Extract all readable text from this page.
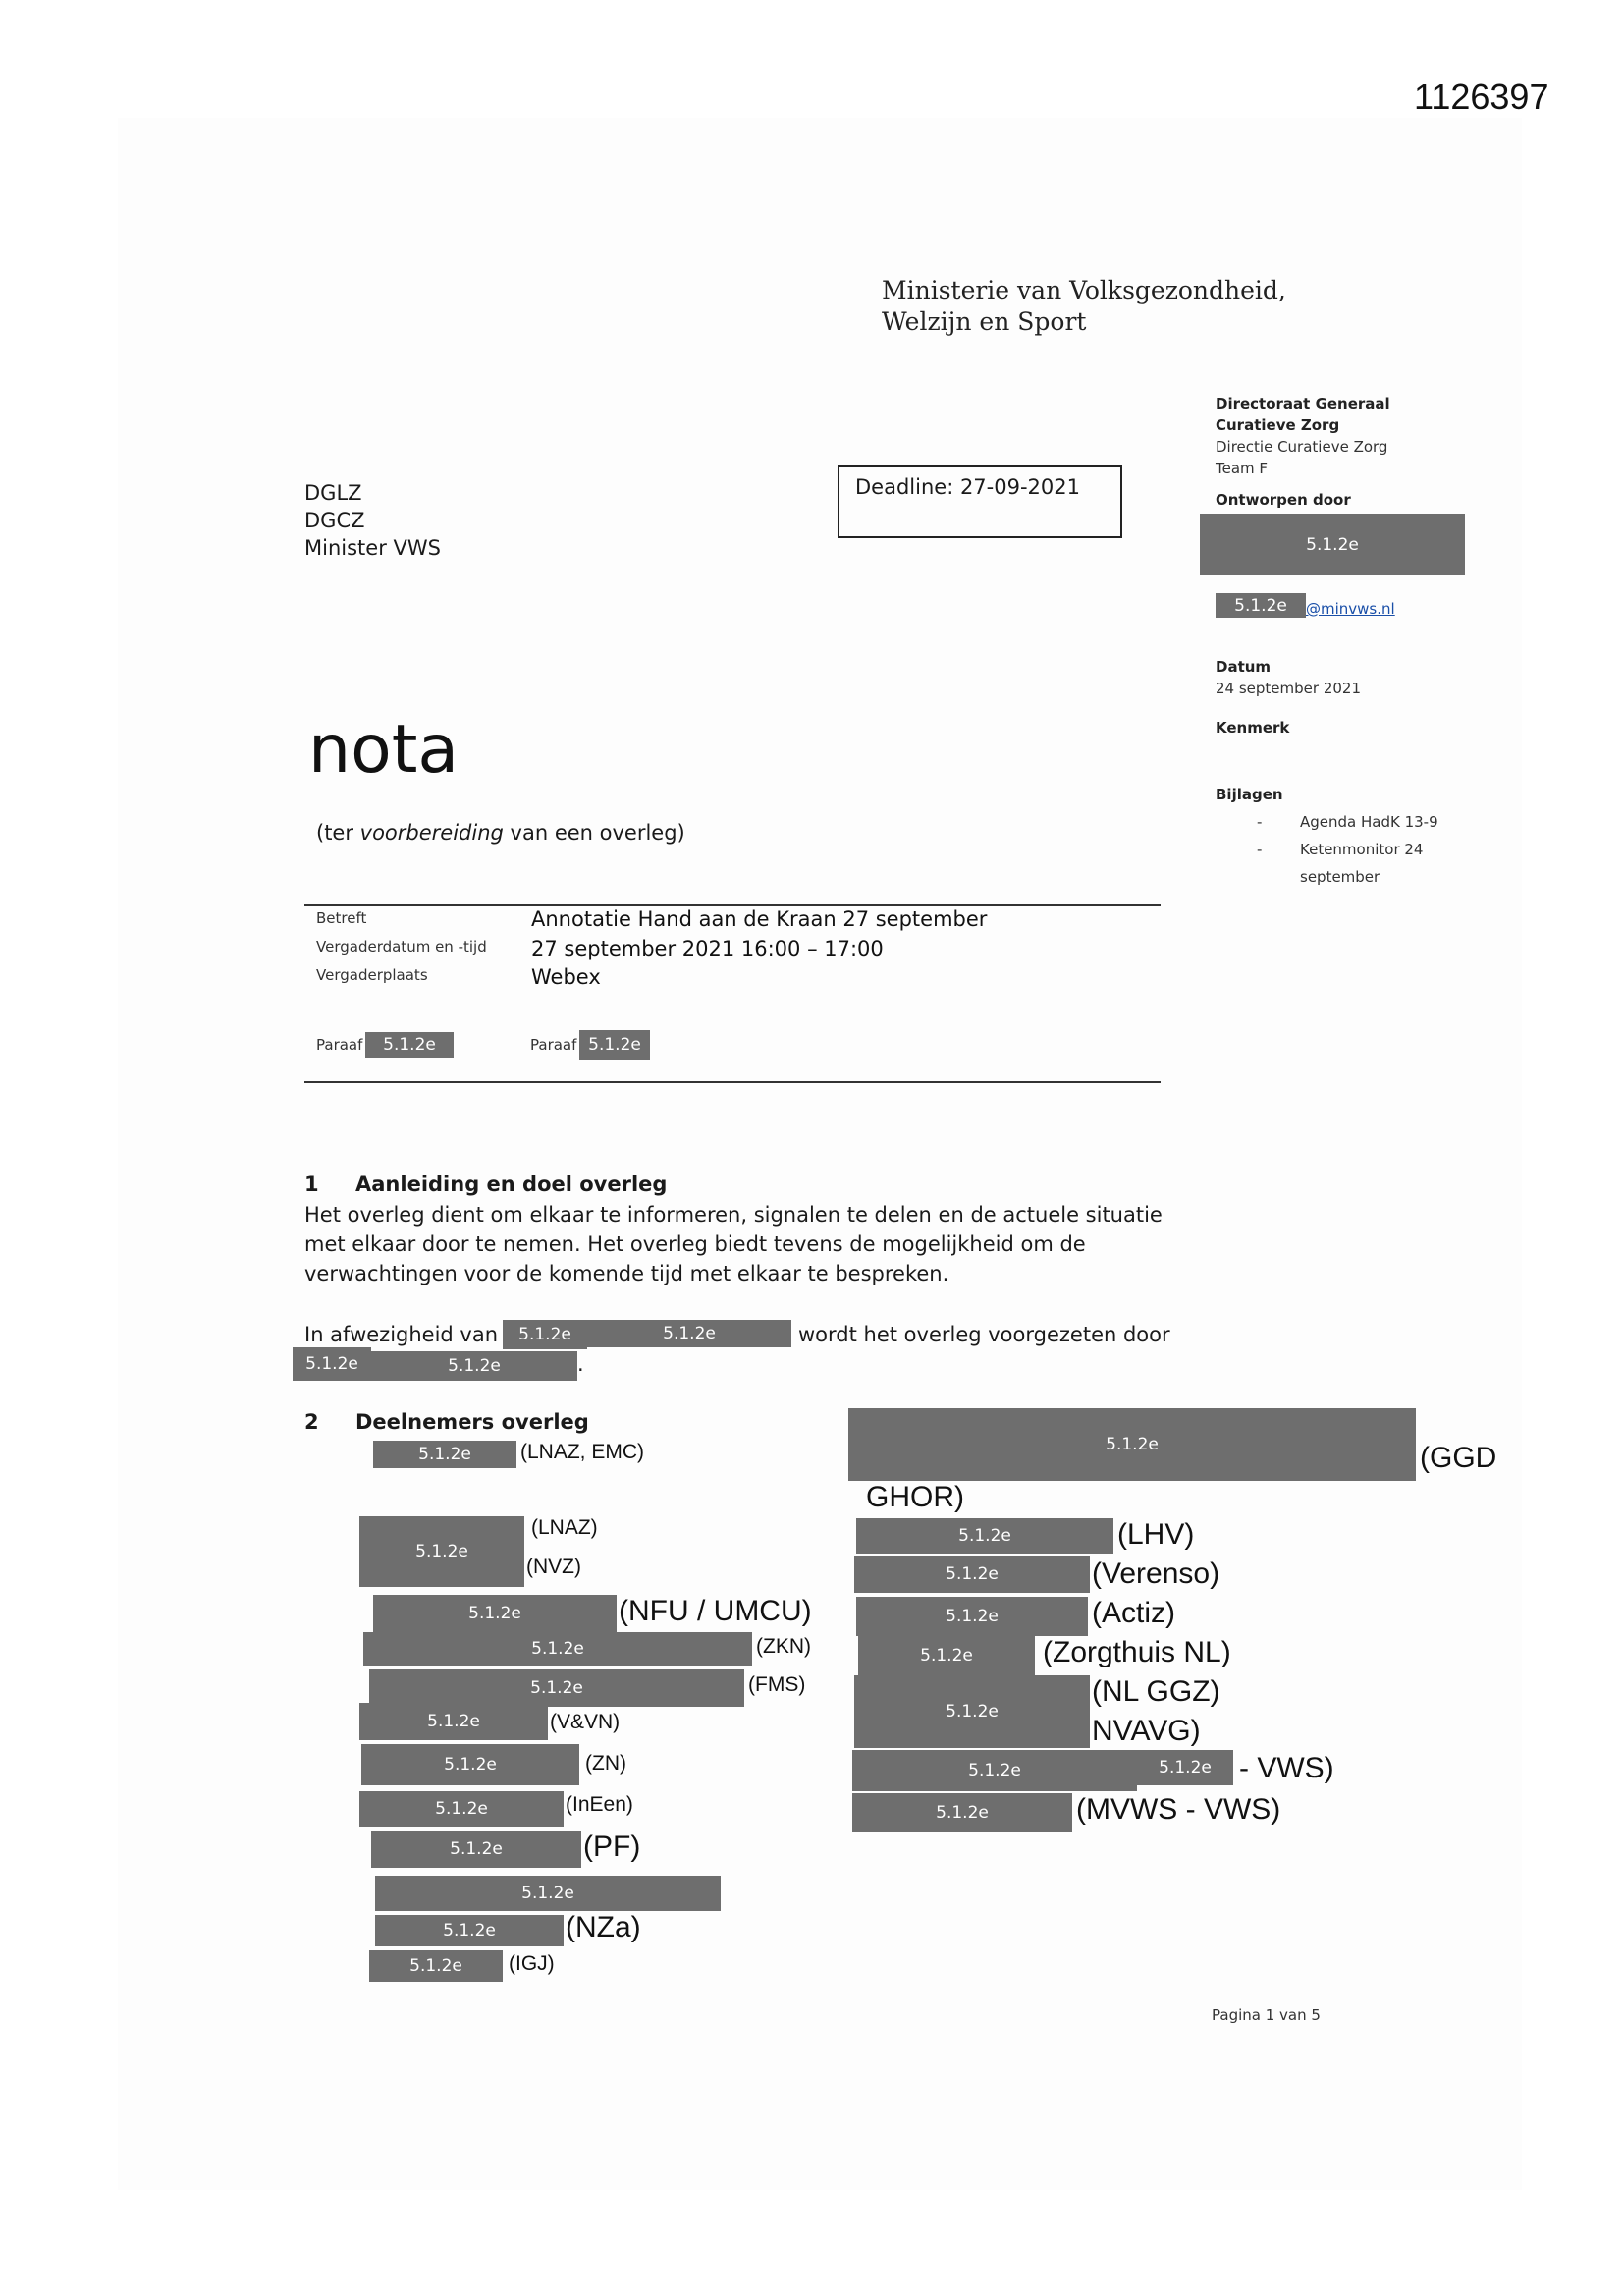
1126397
Ministerie van Volksgezondheid,
Welzijn en Sport
DGLZ
DGCZ
Minister VWS
Deadline: 27-09-2021
Directoraat Generaal
Curatieve Zorg
Directie Curatieve Zorg
Team F
Ontworpen door
5.1.2e
5.1.2e	@minvws.nl
Datum
24 september 2021
Kenmerk
Bijlagen
-	Agenda HadK 13-9
-	Ketenmonitor 24
september
nota
(ter voorbereiding van een overleg)
Betreft	Annotatie Hand aan de Kraan 27 september
Vergaderdatum en -tijd 27 september 2021 16:00 – 17:00
Vergaderplaats	Webex
Paraaf	5.1.2e	Paraaf 5.1.2e
1 Aanleiding en doel overleg
Het overleg dient om elkaar te informeren, signalen te delen en de actuele situatie
met elkaar door te nemen. Het overleg biedt tevens de mogelijkheid om de
verwachtingen voor de komende tijd met elkaar te bespreken.
In afwezigheid van	5.1.2e	5.1.2e	wordt het overleg voorgezeten door
5.1.2e	5.1.2e	.
2 Deelnemers overleg
5.1.2e	(LNAZ, EMC)
5.1.2e
(LNAZ)
(NVZ)
5.1.2e	(NFU / UMCU)
5.1.2e	(ZKN)
5.1.2e	(FMS)
5.1.2e	(V&VN)
5.1.2e	(ZN)
5.1.2e	(InEen)
5.1.2e	(PF)
5.1.2e
5.1.2e	(NZa)
5.1.2e	(IGJ)
5.1.2e	(GGD
GHOR)
5.1.2e	(LHV)
5.1.2e	(Verenso)
5.1.2e	(Actiz)
5.1.2e	(Zorgthuis NL)
5.1.2e
(NL GGZ)
NVAVG)
5.1.2e	5.1.2e - VWS)
5.1.2e	(MVWS - VWS)
Pagina 1 van 5
